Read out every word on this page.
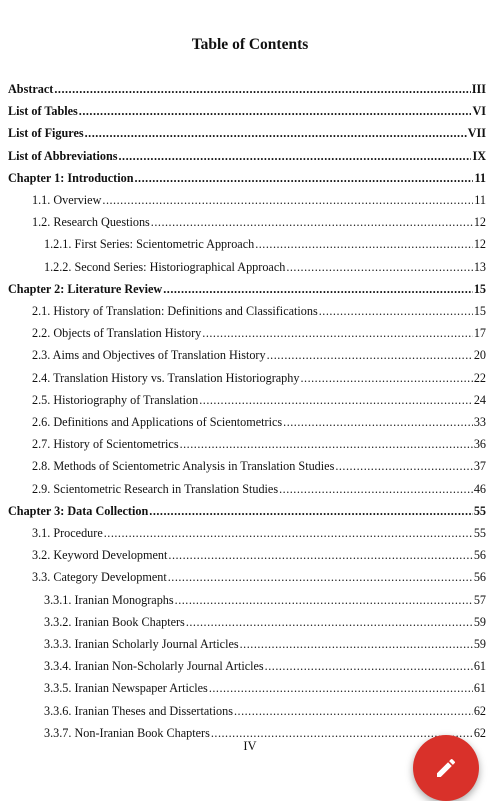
Table of Contents
Abstract .....	III
List of Tables .....	VI
List of Figures .....	VII
List of Abbreviations .....	IX
Chapter 1: Introduction .....	11
1.1. Overview .....	11
1.2. Research Questions .....	12
1.2.1. First Series: Scientometric Approach .....	12
1.2.2. Second Series: Historiographical Approach .....	13
Chapter 2: Literature Review .....	15
2.1. History of Translation: Definitions and Classifications .....	15
2.2. Objects of Translation History .....	17
2.3. Aims and Objectives of Translation History .....	20
2.4. Translation History vs. Translation Historiography .....	22
2.5. Historiography of Translation .....	24
2.6. Definitions and Applications of Scientometrics .....	33
2.7. History of Scientometrics .....	36
2.8. Methods of Scientometric Analysis in Translation Studies .....	37
2.9. Scientometric Research in Translation Studies .....	46
Chapter 3: Data Collection .....	55
3.1. Procedure .....	55
3.2. Keyword Development .....	56
3.3. Category Development .....	56
3.3.1. Iranian Monographs .....	57
3.3.2. Iranian Book Chapters .....	59
3.3.3. Iranian Scholarly Journal Articles .....	59
3.3.4. Iranian Non-Scholarly Journal Articles .....	61
3.3.5. Iranian Newspaper Articles .....	61
3.3.6. Iranian Theses and Dissertations .....	62
3.3.7. Non-Iranian Book Chapters .....	62
IV
